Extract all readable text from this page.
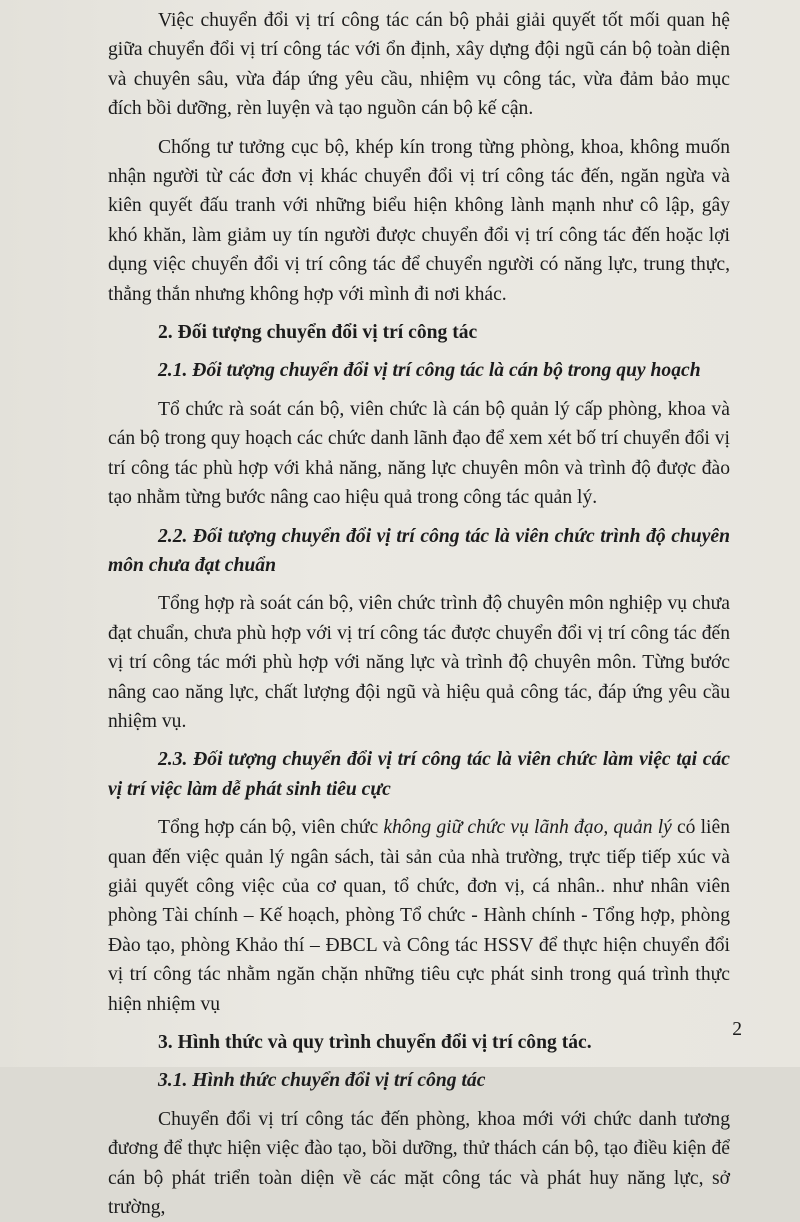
Việc chuyển đổi vị trí công tác cán bộ phải giải quyết tốt mối quan hệ giữa chuyển đổi vị trí công tác với ổn định, xây dựng đội ngũ cán bộ toàn diện và chuyên sâu, vừa đáp ứng yêu cầu, nhiệm vụ công tác, vừa đảm bảo mục đích bồi dưỡng, rèn luyện và tạo nguồn cán bộ kế cận.

Chống tư tưởng cục bộ, khép kín trong từng phòng, khoa, không muốn nhận người từ các đơn vị khác chuyển đổi vị trí công tác đến, ngăn ngừa và kiên quyết đấu tranh với những biểu hiện không lành mạnh như cô lập, gây khó khăn, làm giảm uy tín người được chuyển đổi vị trí công tác đến hoặc lợi dụng việc chuyển đổi vị trí công tác để chuyển người có năng lực, trung thực, thẳng thắn nhưng không hợp với mình đi nơi khác.

2. Đối tượng chuyển đổi vị trí công tác

2.1. Đối tượng chuyển đổi vị trí công tác là cán bộ trong quy hoạch

Tổ chức rà soát cán bộ, viên chức là cán bộ quản lý cấp phòng, khoa và cán bộ trong quy hoạch các chức danh lãnh đạo để xem xét bố trí chuyển đổi vị trí công tác phù hợp với khả năng, năng lực chuyên môn và trình độ được đào tạo nhằm từng bước nâng cao hiệu quả trong công tác quản lý.

2.2. Đối tượng chuyển đổi vị trí công tác là viên chức trình độ chuyên môn chưa đạt chuẩn

Tổng hợp rà soát cán bộ, viên chức trình độ chuyên môn nghiệp vụ chưa đạt chuẩn, chưa phù hợp với vị trí công tác được chuyển đổi vị trí công tác đến vị trí công tác mới phù hợp với năng lực và trình độ chuyên môn. Từng bước nâng cao năng lực, chất lượng đội ngũ và hiệu quả công tác, đáp ứng yêu cầu nhiệm vụ.

2.3. Đối tượng chuyển đổi vị trí công tác là viên chức làm việc tại các vị trí việc làm dễ phát sinh tiêu cực

Tổng hợp cán bộ, viên chức không giữ chức vụ lãnh đạo, quản lý có liên quan đến việc quản lý ngân sách, tài sản của nhà trường, trực tiếp tiếp xúc và giải quyết công việc của cơ quan, tổ chức, đơn vị, cá nhân.. như nhân viên phòng Tài chính – Kế hoạch, phòng Tổ chức - Hành chính - Tổng hợp, phòng Đào tạo, phòng Khảo thí – ĐBCL và Công tác HSSV để thực hiện chuyển đổi vị trí công tác nhằm ngăn chặn những tiêu cực phát sinh trong quá trình thực hiện nhiệm vụ

3. Hình thức và quy trình chuyển đổi vị trí công tác.

3.1. Hình thức chuyển đổi vị trí công tác

Chuyển đổi vị trí công tác đến phòng, khoa mới với chức danh tương đương để thực hiện việc đào tạo, bồi dưỡng, thử thách cán bộ, tạo điều kiện để cán bộ phát triển toàn diện về các mặt công tác và phát huy năng lực, sở trường,

2
